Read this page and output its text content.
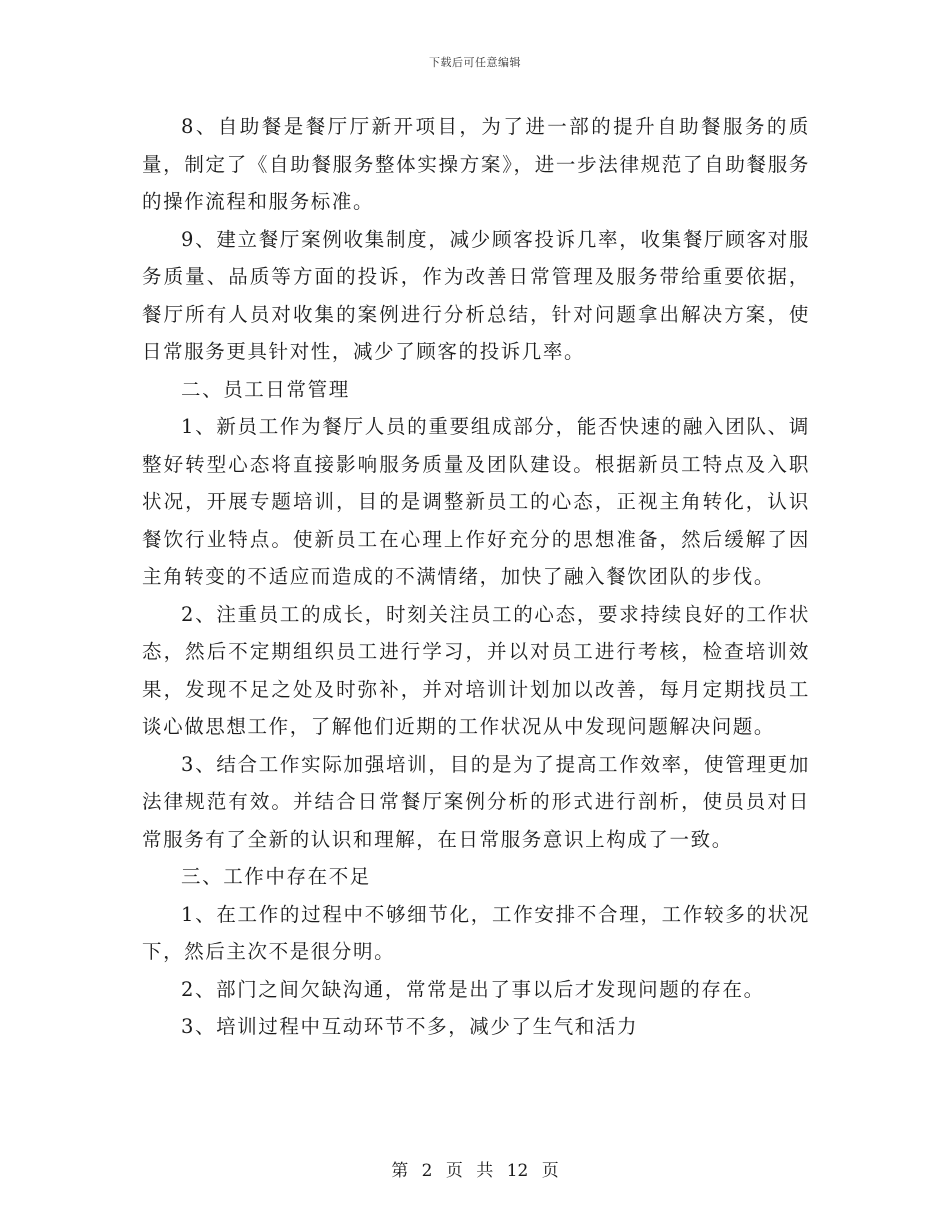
下载后可任意编辑

8、自助餐是餐厅厅新开项目，为了进一部的提升自助餐服务的质量，制定了《自助餐服务整体实操方案》，进一步法律规范了自助餐服务的操作流程和服务标准。

9、建立餐厅案例收集制度，减少顾客投诉几率，收集餐厅顾客对服务质量、品质等方面的投诉，作为改善日常管理及服务带给重要依据，餐厅所有人员对收集的案例进行分析总结，针对问题拿出解决方案，使日常服务更具针对性，减少了顾客的投诉几率。

二、员工日常管理

1、新员工作为餐厅人员的重要组成部分，能否快速的融入团队、调整好转型心态将直接影响服务质量及团队建设。根据新员工特点及入职状况，开展专题培训，目的是调整新员工的心态，正视主角转化，认识餐饮行业特点。使新员工在心理上作好充分的思想准备，然后缓解了因主角转变的不适应而造成的不满情绪，加快了融入餐饮团队的步伐。

2、注重员工的成长，时刻关注员工的心态，要求持续良好的工作状态，然后不定期组织员工进行学习，并以对员工进行考核，检查培训效果，发现不足之处及时弥补，并对培训计划加以改善，每月定期找员工谈心做思想工作，了解他们近期的工作状况从中发现问题解决问题。

3、结合工作实际加强培训，目的是为了提高工作效率，使管理更加法律规范有效。并结合日常餐厅案例分析的形式进行剖析，使员员对日常服务有了全新的认识和理解，在日常服务意识上构成了一致。

三、工作中存在不足

1、在工作的过程中不够细节化，工作安排不合理，工作较多的状况下，然后主次不是很分明。

2、部门之间欠缺沟通，常常是出了事以后才发现问题的存在。

3、培训过程中互动环节不多，减少了生气和活力

第 2 页 共 12 页
